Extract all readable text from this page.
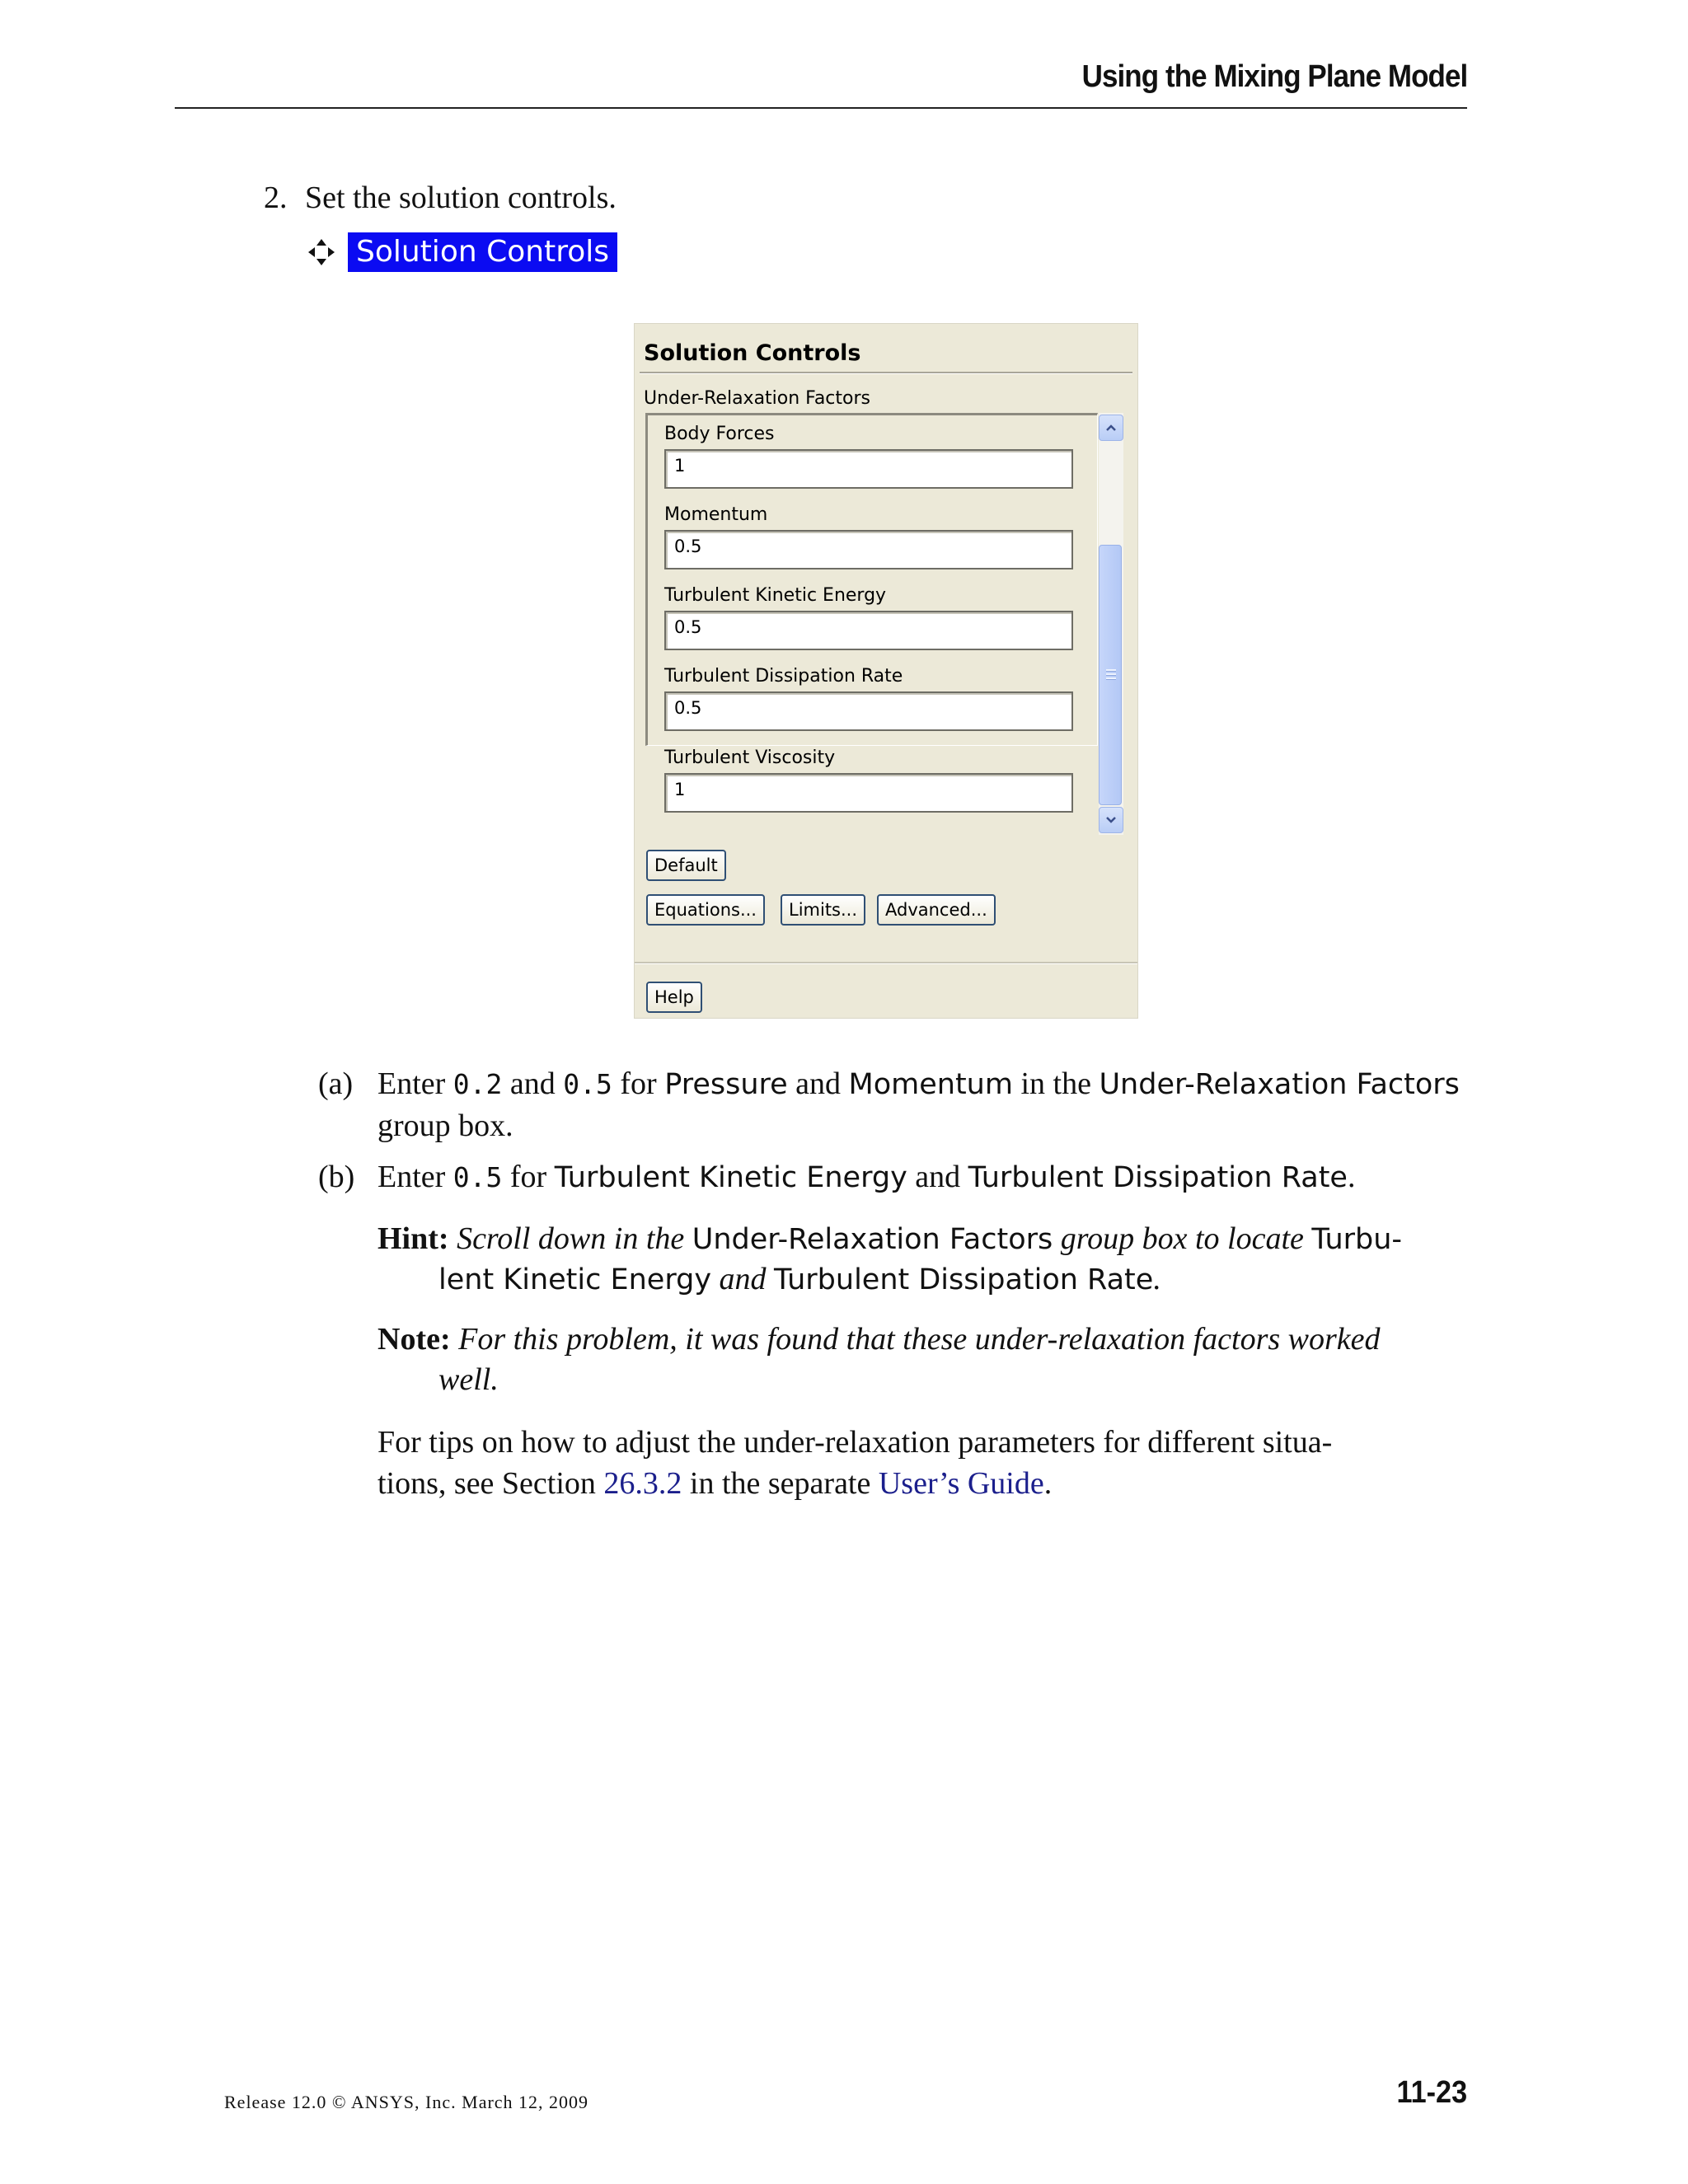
Using the Mixing Plane Model
2. Set the solution controls.
Solution Controls
Solution Controls
Under-Relaxation Factors
Body Forces
1
Momentum
0.5
Turbulent Kinetic Energy
0.5
Turbulent Dissipation Rate
0.5
Turbulent Viscosity
1
Default
Equations...	Limits...	Advanced...
Help
(a) Enter 0.2 and 0.5 for Pressure and Momentum in the Under-Relaxation Factors
group box.
(b) Enter 0.5 for Turbulent Kinetic Energy and Turbulent Dissipation Rate.
Hint: Scroll down in the Under-Relaxation Factors group box to locate Turbu-
lent Kinetic Energy and Turbulent Dissipation Rate.
Note: For this problem, it was found that these under-relaxation factors worked
well.
For tips on how to adjust the under-relaxation parameters for different situa-
tions, see Section 26.3.2 in the separate User’s Guide.
Release 12.0 © ANSYS, Inc. March 12, 2009	11-23
